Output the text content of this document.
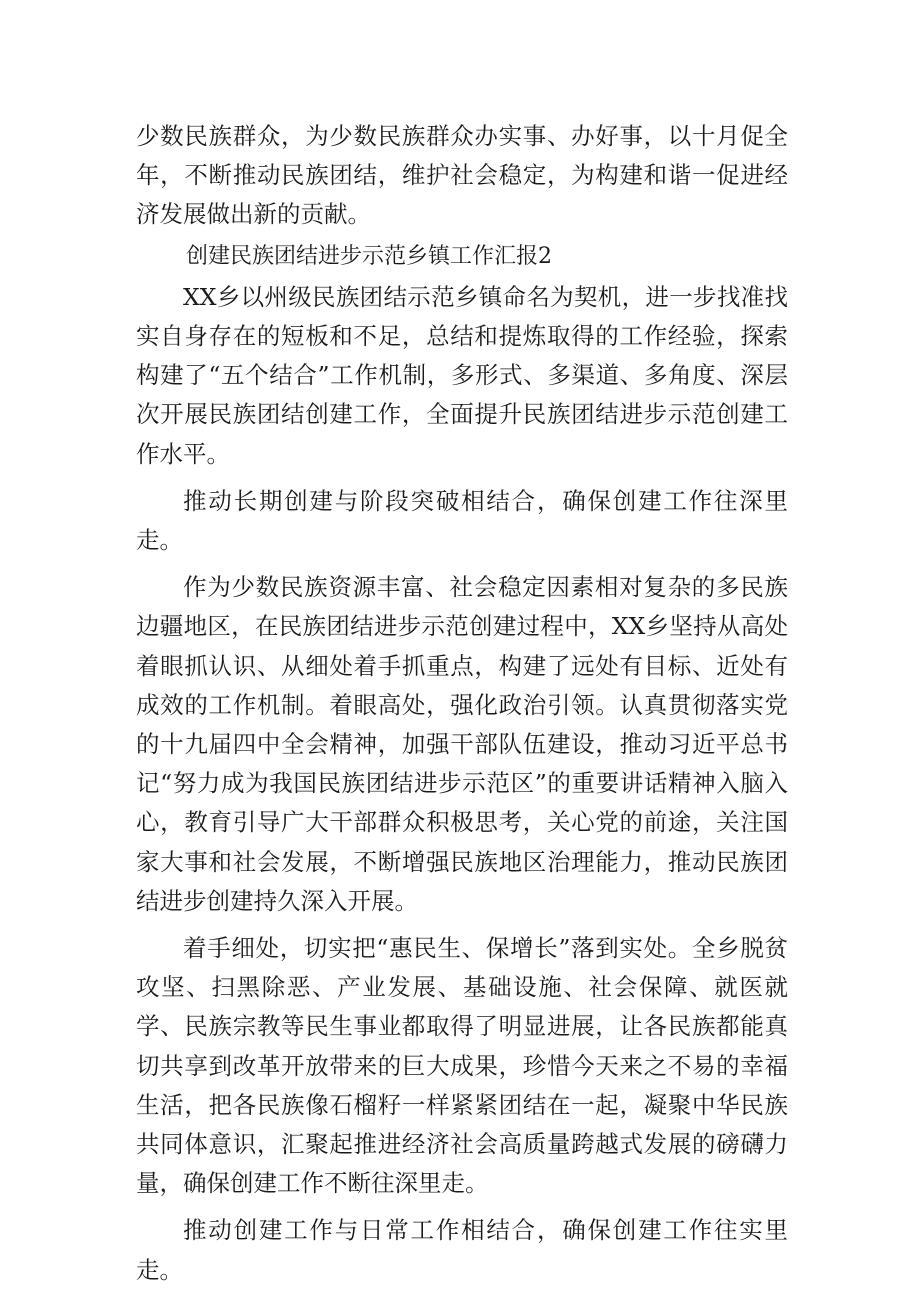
少数民族群众，为少数民族群众办实事、办好事，以十月促全年，不断推动民族团结，维护社会稳定，为构建和谐一促进经济发展做出新的贡献。

创建民族团结进步示范乡镇工作汇报2

XX乡以州级民族团结示范乡镇命名为契机，进一步找准找实自身存在的短板和不足，总结和提炼取得的工作经验，探索构建了“五个结合”工作机制，多形式、多渠道、多角度、深层次开展民族团结创建工作，全面提升民族团结进步示范创建工作水平。

推动长期创建与阶段突破相结合，确保创建工作往深里走。

作为少数民族资源丰富、社会稳定因素相对复杂的多民族边疆地区，在民族团结进步示范创建过程中，XX乡坚持从高处着眼抓认识、从细处着手抓重点，构建了远处有目标、近处有成效的工作机制。着眼高处，强化政治引领。认真贯彻落实党的十九届四中全会精神，加强干部队伍建设，推动习近平总书记“努力成为我国民族团结进步示范区”的重要讲话精神入脑入心，教育引导广大干部群众积极思考，关心党的前途，关注国家大事和社会发展，不断增强民族地区治理能力，推动民族团结进步创建持久深入开展。

着手细处，切实把“惠民生、保增长”落到实处。全乡脱贫攻坚、扫黑除恶、产业发展、基础设施、社会保障、就医就学、民族宗教等民生事业都取得了明显进展，让各民族都能真切共享到改革开放带来的巨大成果，珍惜今天来之不易的幸福生活，把各民族像石榴籽一样紧紧团结在一起，凝聚中华民族共同体意识，汇聚起推进经济社会高质量跨越式发展的磅礴力量，确保创建工作不断往深里走。

推动创建工作与日常工作相结合，确保创建工作往实里走。
